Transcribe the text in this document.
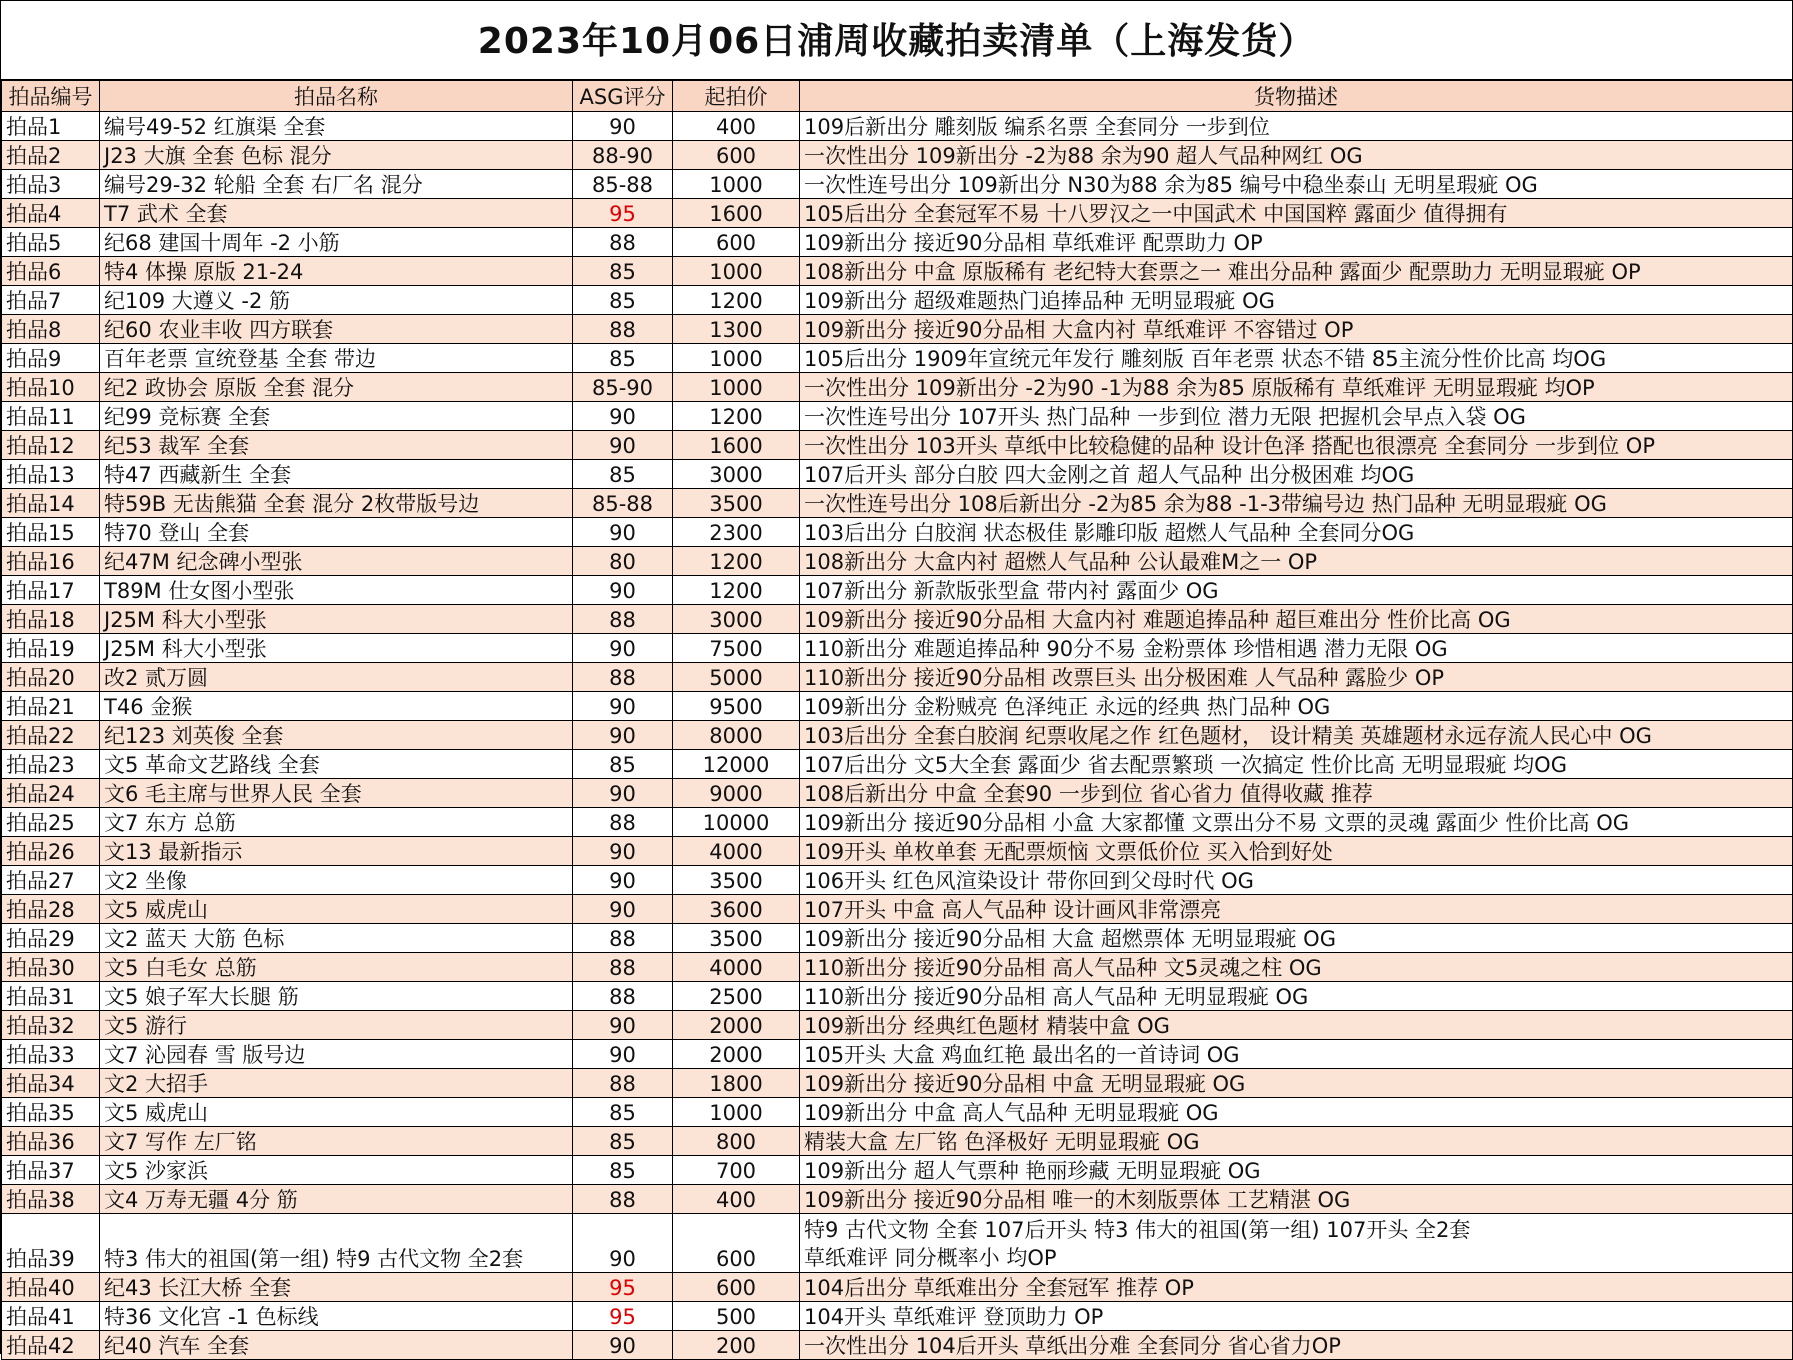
2023年10月06日浦周收藏拍卖清单（上海发货）
拍品编号	拍品名称	ASG评分	起拍价	货物描述
拍品1	编号49-52 红旗渠 全套	90	400	109后新出分 雕刻版 编系名票 全套同分 一步到位
拍品2	J23 大旗 全套 色标 混分	88-90	600	一次性出分 109新出分 -2为88 余为90 超人气品种网红 OG
拍品3	编号29-32 轮船 全套 右厂名 混分	85-88	1000	一次性连号出分 109新出分 N30为88 余为85 编号中稳坐泰山 无明星瑕疵 OG
拍品4	T7 武术 全套	95	1600	105后出分 全套冠军不易 十八罗汉之一中国武术 中国国粹 露面少 值得拥有
拍品5	纪68 建国十周年 -2 小筋	88	600	109新出分 接近90分品相 草纸难评 配票助力 OP
拍品6	特4 体操 原版 21-24	85	1000	108新出分 中盒 原版稀有 老纪特大套票之一 难出分品种 露面少 配票助力 无明显瑕疵 OP
拍品7	纪109 大遵义 -2 筋	85	1200	109新出分 超级难题热门追捧品种 无明显瑕疵 OG
拍品8	纪60 农业丰收 四方联套	88	1300	109新出分 接近90分品相 大盒内衬 草纸难评 不容错过 OP
拍品9	百年老票 宣统登基 全套 带边	85	1000	105后出分 1909年宣统元年发行 雕刻版 百年老票 状态不错 85主流分性价比高 均OG
拍品10	纪2 政协会 原版 全套 混分	85-90	1000	一次性出分 109新出分 -2为90 -1为88 余为85 原版稀有 草纸难评 无明显瑕疵 均OP
拍品11	纪99 竞标赛 全套	90	1200	一次性连号出分 107开头 热门品种 一步到位 潜力无限 把握机会早点入袋 OG
拍品12	纪53 裁军 全套	90	1600	一次性出分 103开头 草纸中比较稳健的品种 设计色泽 搭配也很漂亮 全套同分 一步到位 OP
拍品13	特47 西藏新生 全套	85	3000	107后开头 部分白胶 四大金刚之首 超人气品种 出分极困难 均OG
拍品14	特59B 无齿熊猫 全套 混分 2枚带版号边	85-88	3500	一次性连号出分 108后新出分 -2为85 余为88 -1-3带编号边 热门品种 无明显瑕疵 OG
拍品15	特70 登山 全套	90	2300	103后出分 白胶润 状态极佳 影雕印版 超燃人气品种 全套同分OG
拍品16	纪47M 纪念碑小型张	80	1200	108新出分 大盒内衬 超燃人气品种 公认最难M之一 OP
拍品17	T89M 仕女图小型张	90	1200	107新出分 新款版张型盒 带内衬 露面少 OG
拍品18	J25M 科大小型张	88	3000	109新出分 接近90分品相 大盒内衬 难题追捧品种 超巨难出分 性价比高 OG
拍品19	J25M 科大小型张	90	7500	110新出分 难题追捧品种 90分不易 金粉票体 珍惜相遇 潜力无限 OG
拍品20	改2 贰万圆	88	5000	110新出分 接近90分品相 改票巨头 出分极困难 人气品种 露脸少 OP
拍品21	T46 金猴	90	9500	109新出分 金粉贼亮 色泽纯正 永远的经典 热门品种 OG
拍品22	纪123 刘英俊 全套	90	8000	103后出分 全套白胶润 纪票收尾之作 红色题材， 设计精美 英雄题材永远存流人民心中 OG
拍品23	文5 革命文艺路线 全套	85	12000	107后出分 文5大全套 露面少 省去配票繁琐 一次搞定 性价比高 无明显瑕疵 均OG
拍品24	文6 毛主席与世界人民 全套	90	9000	108后新出分 中盒 全套90 一步到位 省心省力 值得收藏 推荐
拍品25	文7 东方 总筋	88	10000	109新出分 接近90分品相 小盒 大家都懂 文票出分不易 文票的灵魂 露面少 性价比高 OG
拍品26	文13 最新指示	90	4000	109开头 单枚单套 无配票烦恼 文票低价位 买入恰到好处
拍品27	文2 坐像	90	3500	106开头 红色风渲染设计 带你回到父母时代 OG
拍品28	文5 威虎山	90	3600	107开头 中盒 高人气品种 设计画风非常漂亮
拍品29	文2 蓝天 大筋 色标	88	3500	109新出分 接近90分品相 大盒 超燃票体 无明显瑕疵 OG
拍品30	文5 白毛女 总筋	88	4000	110新出分 接近90分品相 高人气品种 文5灵魂之柱 OG
拍品31	文5 娘子军大长腿 筋	88	2500	110新出分 接近90分品相 高人气品种 无明显瑕疵 OG
拍品32	文5 游行	90	2000	109新出分 经典红色题材 精装中盒 OG
拍品33	文7 沁园春 雪 版号边	90	2000	105开头 大盒 鸡血红艳 最出名的一首诗词 OG
拍品34	文2 大招手	88	1800	109新出分 接近90分品相 中盒 无明显瑕疵 OG
拍品35	文5 威虎山	85	1000	109新出分 中盒 高人气品种 无明显瑕疵 OG
拍品36	文7 写作 左厂铭	85	800	精装大盒 左厂铭 色泽极好 无明显瑕疵 OG
拍品37	文5 沙家浜	85	700	109新出分 超人气票种 艳丽珍藏 无明显瑕疵 OG
拍品38	文4 万寿无疆 4分 筋	88	400	109新出分 接近90分品相 唯一的木刻版票体 工艺精湛 OG
拍品39	特3 伟大的祖国(第一组) 特9 古代文物 全2套	90	600	特9 古代文物 全套 107后开头 特3 伟大的祖国(第一组) 107开头 全2套
草纸难评 同分概率小 均OP

拍品40	纪43 长江大桥 全套	95	600	104后出分 草纸难出分 全套冠军 推荐 OP
拍品41	特36 文化宫 -1 色标线	95	500	104开头 草纸难评 登顶助力 OP
拍品42	纪40 汽车 全套	90	200	一次性出分 104后开头 草纸出分难 全套同分 省心省力OP
